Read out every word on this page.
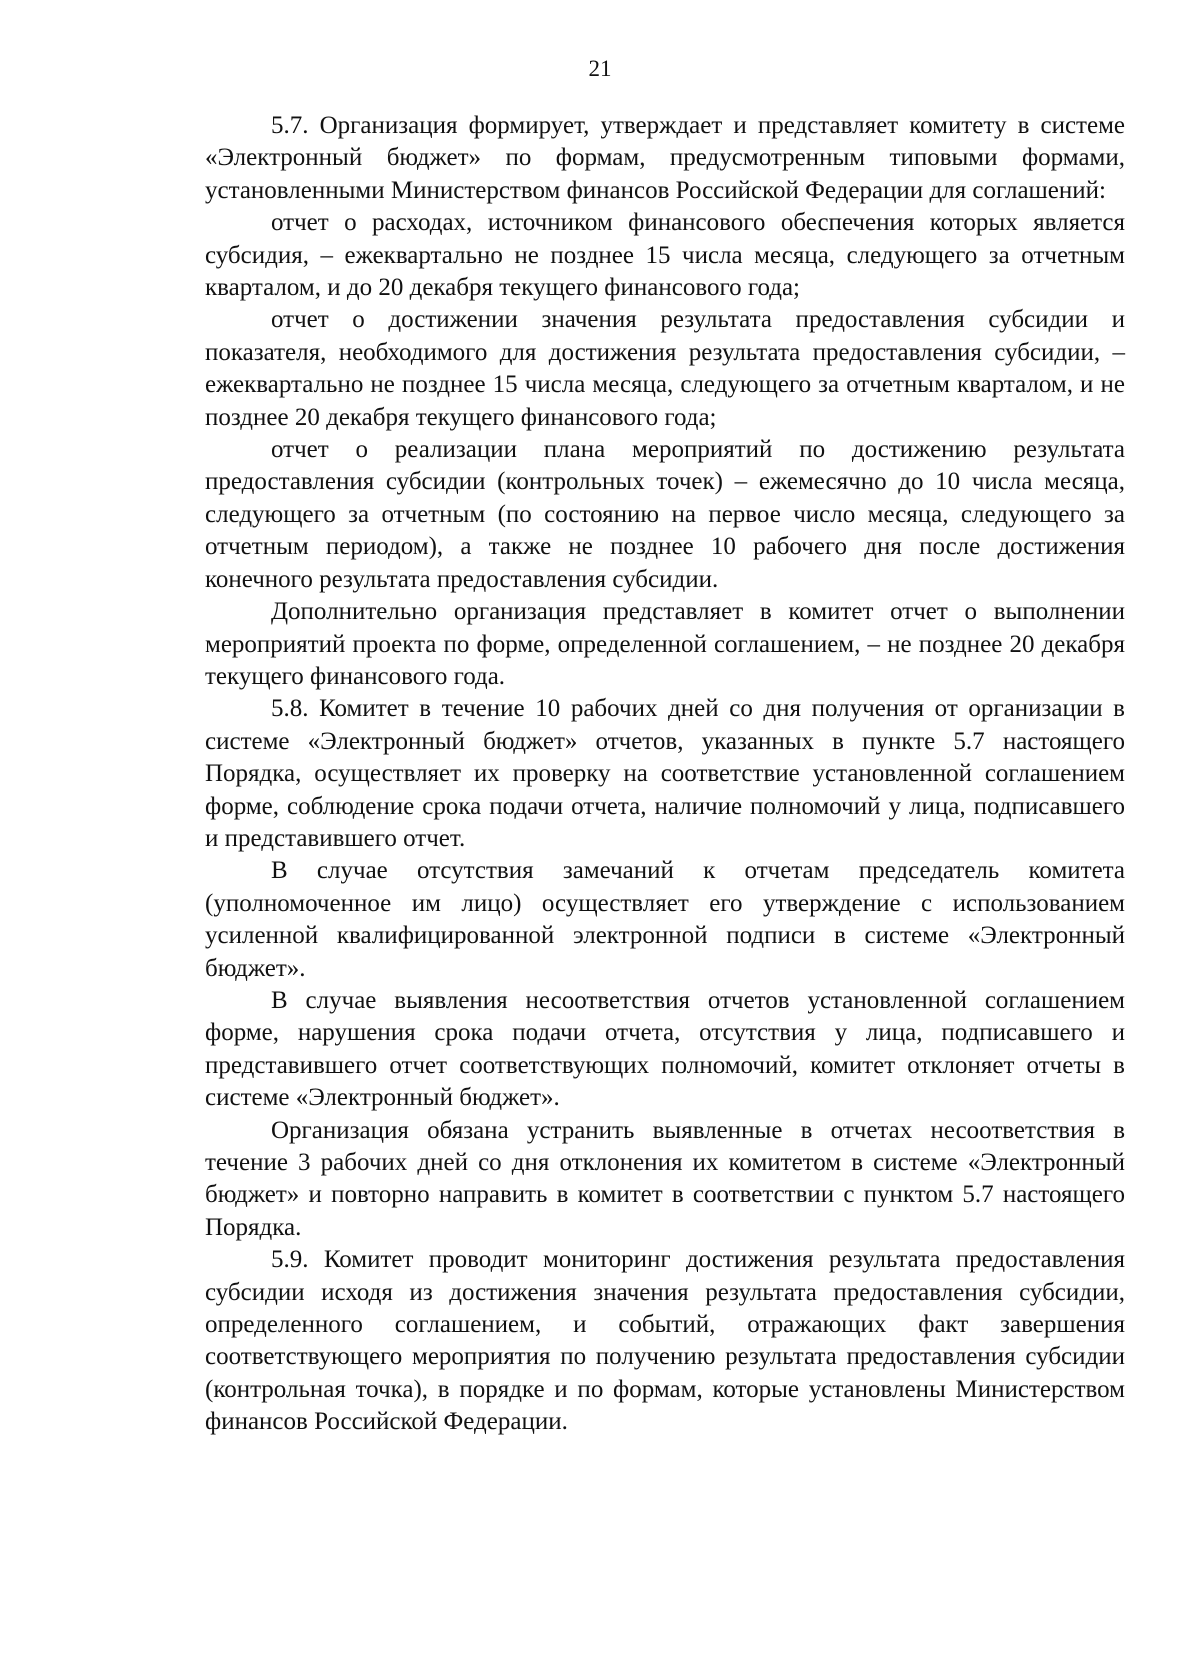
21

5.7. Организация формирует, утверждает и представляет комитету в системе «Электронный бюджет» по формам, предусмотренным типовыми формами, установленными Министерством финансов Российской Федерации для соглашений:

отчет о расходах, источником финансового обеспечения которых является субсидия, – ежеквартально не позднее 15 числа месяца, следующего за отчетным кварталом, и до 20 декабря текущего финансового года;

отчет о достижении значения результата предоставления субсидии и показателя, необходимого для достижения результата предоставления субсидии, – ежеквартально не позднее 15 числа месяца, следующего за отчетным кварталом, и не позднее 20 декабря текущего финансового года;

отчет о реализации плана мероприятий по достижению результата предоставления субсидии (контрольных точек) – ежемесячно до 10 числа месяца, следующего за отчетным (по состоянию на первое число месяца, следующего за отчетным периодом), а также не позднее 10 рабочего дня после достижения конечного результата предоставления субсидии.

Дополнительно организация представляет в комитет отчет о выполнении мероприятий проекта по форме, определенной соглашением, – не позднее 20 декабря текущего финансового года.

5.8. Комитет в течение 10 рабочих дней со дня получения от организации в системе «Электронный бюджет» отчетов, указанных в пункте 5.7 настоящего Порядка, осуществляет их проверку на соответствие установленной соглашением форме, соблюдение срока подачи отчета, наличие полномочий у лица, подписавшего и представившего отчет.

В случае отсутствия замечаний к отчетам председатель комитета (уполномоченное им лицо) осуществляет его утверждение с использованием усиленной квалифицированной электронной подписи в системе «Электронный бюджет».

В случае выявления несоответствия отчетов установленной соглашением форме, нарушения срока подачи отчета, отсутствия у лица, подписавшего и представившего отчет соответствующих полномочий, комитет отклоняет отчеты в системе «Электронный бюджет».

Организация обязана устранить выявленные в отчетах несоответствия в течение 3 рабочих дней со дня отклонения их комитетом в системе «Электронный бюджет» и повторно направить в комитет в соответствии с пунктом 5.7 настоящего Порядка.

5.9. Комитет проводит мониторинг достижения результата предоставления субсидии исходя из достижения значения результата предоставления субсидии, определенного соглашением, и событий, отражающих факт завершения соответствующего мероприятия по получению результата предоставления субсидии (контрольная точка), в порядке и по формам, которые установлены Министерством финансов Российской Федерации.
